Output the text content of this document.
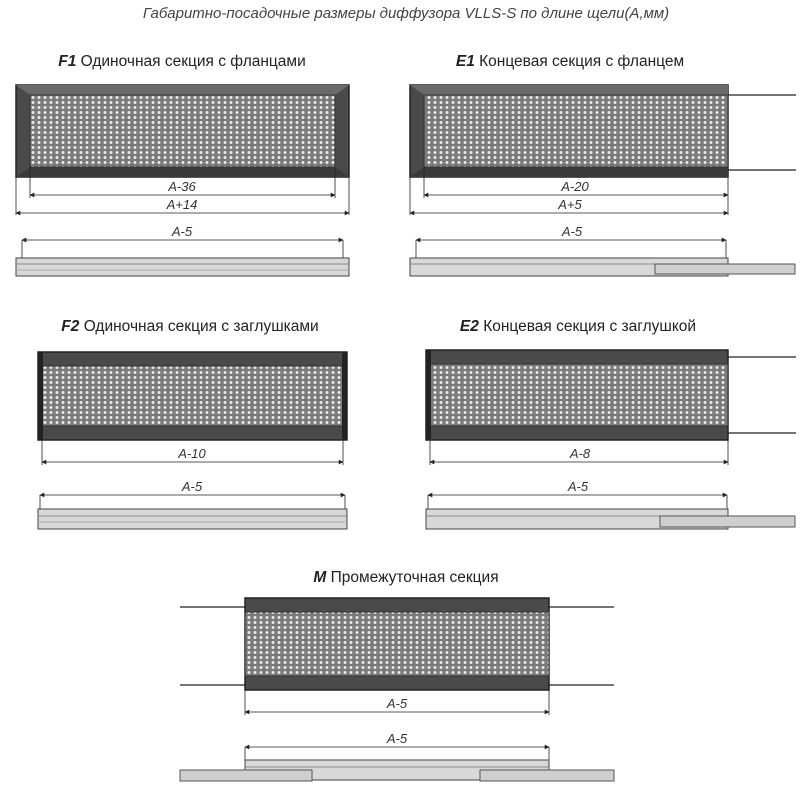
Габаритно-посадочные размеры диффузора VLLS-S по длине щели(А,мм)
F1 Одиночная секция с фланцами
A-36
A+14
A-5
E1 Концевая секция с фланцем
A-20
A+5
A-5
F2 Одиночная секция с заглушками
A-10
A-5
E2 Концевая секция с заглушкой
A-8
A-5
M Промежуточная секция
A-5
A-5
